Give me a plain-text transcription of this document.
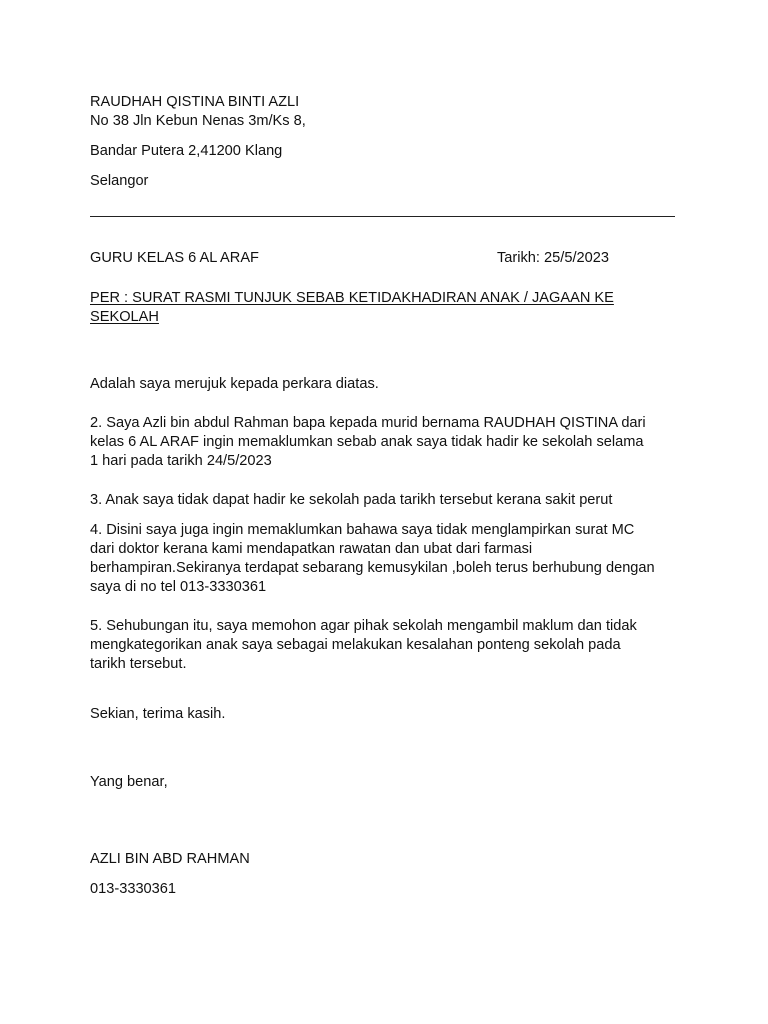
RAUDHAH QISTINA BINTI AZLI
No 38 Jln Kebun Nenas 3m/Ks 8,
Bandar Putera 2,41200 Klang
Selangor
GURU KELAS 6 AL ARAF	Tarikh: 25/5/2023
PER : SURAT RASMI TUNJUK SEBAB KETIDAKHADIRAN ANAK / JAGAAN KE
SEKOLAH
Adalah saya merujuk kepada perkara diatas.
2. Saya Azli bin abdul Rahman bapa kepada murid bernama RAUDHAH QISTINA dari
kelas 6 AL ARAF ingin memaklumkan sebab anak saya tidak hadir ke sekolah selama
1 hari pada tarikh 24/5/2023
3. Anak saya tidak dapat hadir ke sekolah pada tarikh tersebut kerana sakit perut
4. Disini saya juga ingin memaklumkan bahawa saya tidak menglampirkan surat MC
dari doktor kerana kami mendapatkan rawatan dan ubat dari farmasi
berhampiran.Sekiranya terdapat sebarang kemusykilan ,boleh terus berhubung dengan
saya di no tel 013-3330361
5. Sehubungan itu, saya memohon agar pihak sekolah mengambil maklum dan tidak
mengkategorikan anak saya sebagai melakukan kesalahan ponteng sekolah pada
tarikh tersebut.
Sekian, terima kasih.
Yang benar,
AZLI BIN ABD RAHMAN
013-3330361
